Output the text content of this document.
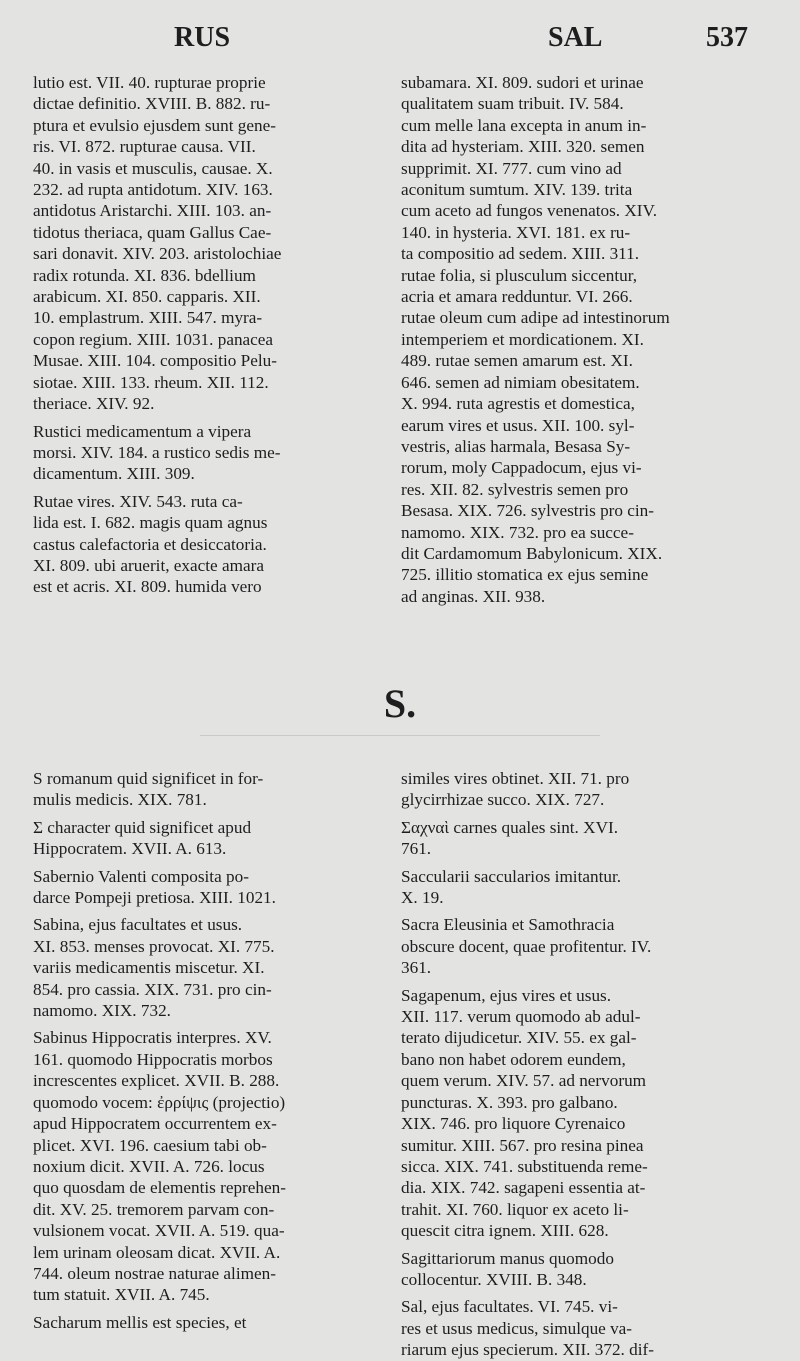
RUS	SAL	537
lutio est. VII. 40. rupturae proprie
dictae definitio. XVIII. B. 882. ru-
ptura et evulsio ejusdem sunt gene-
ris. VI. 872. rupturae causa. VII.
40. in vasis et musculis, causae. X.
232. ad rupta antidotum. XIV. 163.
antidotus Aristarchi. XIII. 103. an-
tidotus theriaca, quam Gallus Cae-
sari donavit. XIV. 203. aristolochiae
radix rotunda. XI. 836. bdellium
arabicum. XI. 850. capparis. XII.
10. emplastrum. XIII. 547. myra-
copon regium. XIII. 1031. panacea
Musae. XIII. 104. compositio Pelu-
siotae. XIII. 133. rheum. XII. 112.
theriace. XIV. 92.
Rustici medicamentum a vipera
morsi. XIV. 184. a rustico sedis me-
dicamentum. XIII. 309.
Rutae vires. XIV. 543. ruta ca-
lida est. I. 682. magis quam agnus
castus calefactoria et desiccatoria.
XI. 809. ubi aruerit, exacte amara
est et acris. XI. 809. humida vero
subamara. XI. 809. sudori et urinae
qualitatem suam tribuit. IV. 584.
cum melle lana excepta in anum in-
dita ad hysteriam. XIII. 320. semen
supprimit. XI. 777. cum vino ad
aconitum sumtum. XIV. 139. trita
cum aceto ad fungos venenatos. XIV.
140. in hysteria. XVI. 181. ex ru-
ta compositio ad sedem. XIII. 311.
rutae folia, si plusculum siccentur,
acria et amara redduntur. VI. 266.
rutae oleum cum adipe ad intestinorum
intemperiem et mordicationem. XI.
489. rutae semen amarum est. XI.
646. semen ad nimiam obesitatem.
X. 994. ruta agrestis et domestica,
earum vires et usus. XII. 100. syl-
vestris, alias harmala, Besasa Sy-
rorum, moly Cappadocum, ejus vi-
res. XII. 82. sylvestris semen pro
Besasa. XIX. 726. sylvestris pro cin-
namomo. XIX. 732. pro ea succe-
dit Cardamomum Babylonicum. XIX.
725. illitio stomatica ex ejus semine
ad anginas. XII. 938.
S.
S romanum quid significet in for-
mulis medicis. XIX. 781.
Σ character quid significet apud
Hippocratem. XVII. A. 613.
Sabernio Valenti composita po-
darce Pompeji pretiosa. XIII. 1021.
Sabina, ejus facultates et usus.
XI. 853. menses provocat. XI. 775.
variis medicamentis miscetur. XI.
854. pro cassia. XIX. 731. pro cin-
namomo. XIX. 732.
Sabinus Hippocratis interpres. XV.
161. quomodo Hippocratis morbos
increscentes explicet. XVII. B. 288.
quomodo vocem: ἐρρίψις (projectio)
apud Hippocratem occurrentem ex-
plicet. XVI. 196. caesium tabi ob-
noxium dicit. XVII. A. 726. locus
quo quosdam de elementis reprehen-
dit. XV. 25. tremorem parvam con-
vulsionem vocat. XVII. A. 519. qua-
lem urinam oleosam dicat. XVII. A.
744. oleum nostrae naturae alimen-
tum statuit. XVII. A. 745.
Sacharum mellis est species, et
similes vires obtinet. XII. 71. pro
glycirrhizae succo. XIX. 727.
Σαχναὶ carnes quales sint. XVI.
761.
Saccularii saccularios imitantur.
X. 19.
Sacra Eleusinia et Samothracia
obscure docent, quae profitentur. IV.
361.
Sagapenum, ejus vires et usus.
XII. 117. verum quomodo ab adul-
terato dijudicetur. XIV. 55. ex gal-
bano non habet odorem eundem,
quem verum. XIV. 57. ad nervorum
puncturas. X. 393. pro galbano.
XIX. 746. pro liquore Cyrenaico
sumitur. XIII. 567. pro resina pinea
sicca. XIX. 741. substituenda reme-
dia. XIX. 742. sagapeni essentia at-
trahit. XI. 760. liquor ex aceto li-
quescit citra ignem. XIII. 628.
Sagittariorum manus quomodo
collocentur. XVIII. B. 348.
Sal, ejus facultates. VI. 745. vi-
res et usus medicus, simulque va-
riarum ejus specierum. XII. 372. dif-
